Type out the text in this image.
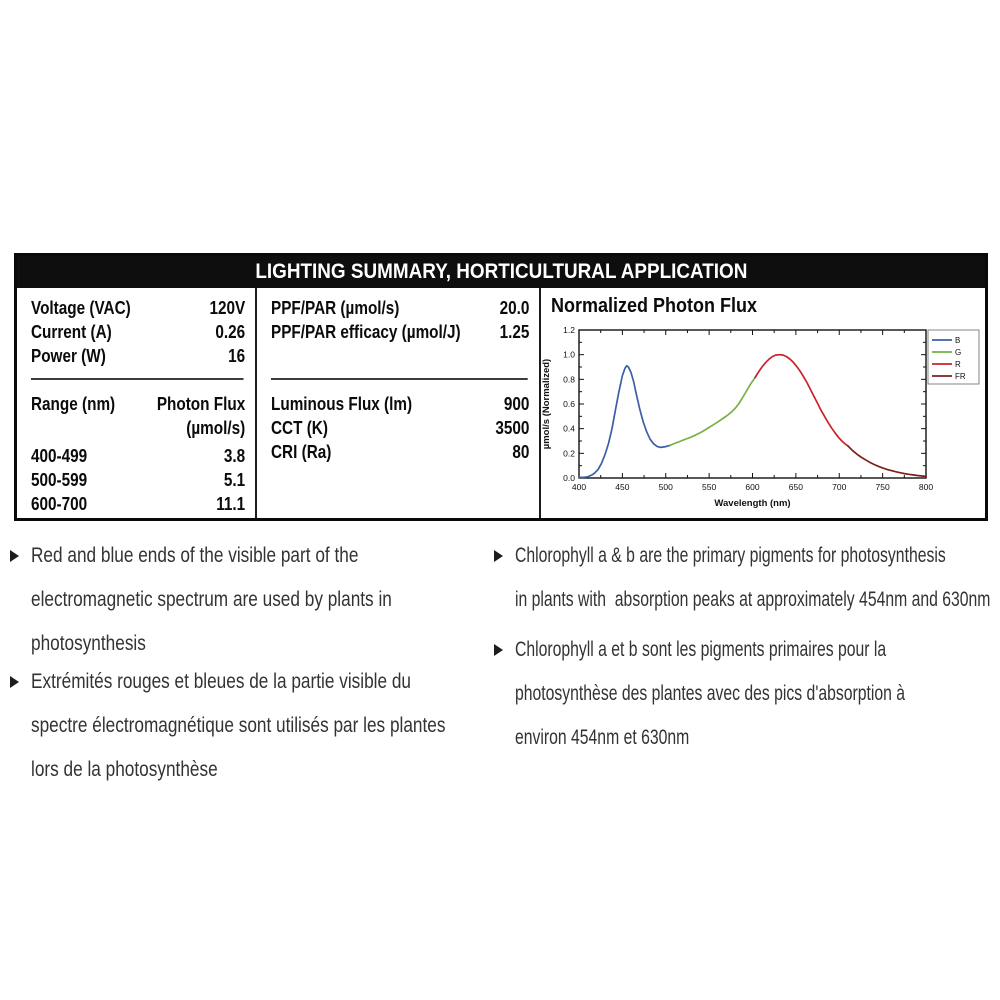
LIGHTING SUMMARY, HORTICULTURAL APPLICATION
Voltage (VAC)	120V
Current (A)	0.26
Power (W)	16
Range (nm) Photon Flux
(µmol/s)
400-499	3.8
500-599	5.1
600-700	11.1
PPF/PAR (µmol/s)	20.0
PPF/PAR efficacy (µmol/J) 1.25
Luminous Flux (lm)	900
CCT (K)	3500
CRI (Ra)	80
Normalized Photon Flux
400	450	500	550	600	650	700	750	800
0.0
0.2
0.4
0.6
0.8
1.0
1.2
Wavelength (nm)
µmol/s (Normalized)
B
G
R
FR
Red and blue ends of the visible part of the
electromagnetic spectrum are used by plants in
photosynthesis
Extrémités rouges et bleues de la partie visible du
spectre électromagnétique sont utilisés par les plantes
lors de la photosynthèse
Chlorophyll a & b are the primary pigments for photosynthesis
in plants with  absorption peaks at approximately 454nm and 630nm
Chlorophyll a et b sont les pigments primaires pour la
photosynthèse des plantes avec des pics d'absorption à
environ 454nm et 630nm
